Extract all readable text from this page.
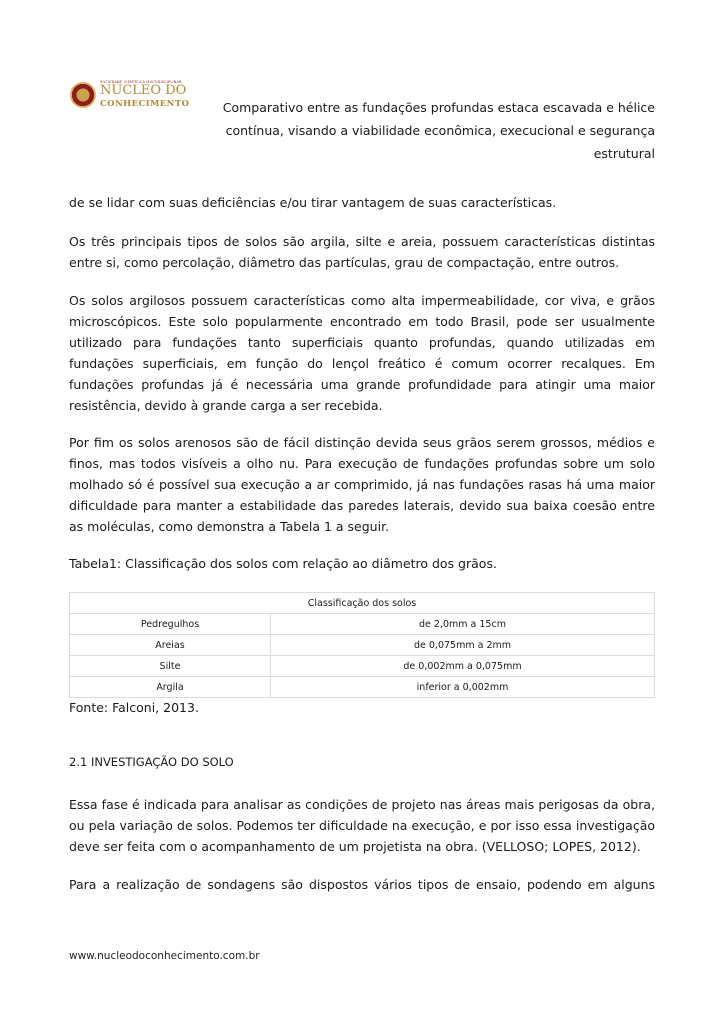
SOCIEDADE CIENTÍFICA MULTIDISCIPLINAR
NÚCLEO DO
CONHECIMENTO	Comparativo entre as fundações profundas estaca escavada e hélice
contínua, visando a viabilidade econômica, execucional e segurança
estrutural

de se lidar com suas deficiências e/ou tirar vantagem de suas características.

Os três principais tipos de solos são argila, silte e areia, possuem características distintas entre si, como percolação, diâmetro das partículas, grau de compactação, entre outros.

Os solos argilosos possuem características como alta impermeabilidade, cor viva, e grãos microscópicos. Este solo popularmente encontrado em todo Brasil, pode ser usualmente utilizado para fundações tanto superficiais quanto profundas, quando utilizadas em fundações superficiais, em função do lençol freático é comum ocorrer recalques. Em fundações profundas já é necessária uma grande profundidade para atingir uma maior resistência, devido à grande carga a ser recebida.

Por fim os solos arenosos são de fácil distinção devida seus grãos serem grossos, médios e finos, mas todos visíveis a olho nu. Para execução de fundações profundas sobre um solo molhado só é possível sua execução a ar comprimido, já nas fundações rasas há uma maior dificuldade para manter a estabilidade das paredes laterais, devido sua baixa coesão entre as moléculas, como demonstra a Tabela 1 a seguir.

Tabela1: Classificação dos solos com relação ao diâmetro dos grãos.
Classificação dos solos	
Pedregulhos	de 2,0mm a 15cm
Areias	de 0,075mm a 2mm
Silte	de 0,002mm a 0,075mm
Argila	inferior a 0,002mm
Fonte: Falconi, 2013.
2.1 INVESTIGAÇÃO DO SOLO

Essa fase é indicada para analisar as condições de projeto nas áreas mais perigosas da obra, ou pela variação de solos. Podemos ter dificuldade na execução, e por isso essa investigação deve ser feita com o acompanhamento de um projetista na obra. (VELLOSO; LOPES, 2012).

Para a realização de sondagens são dispostos vários tipos de ensaio, podendo em alguns

www.nucleodoconhecimento.com.br
